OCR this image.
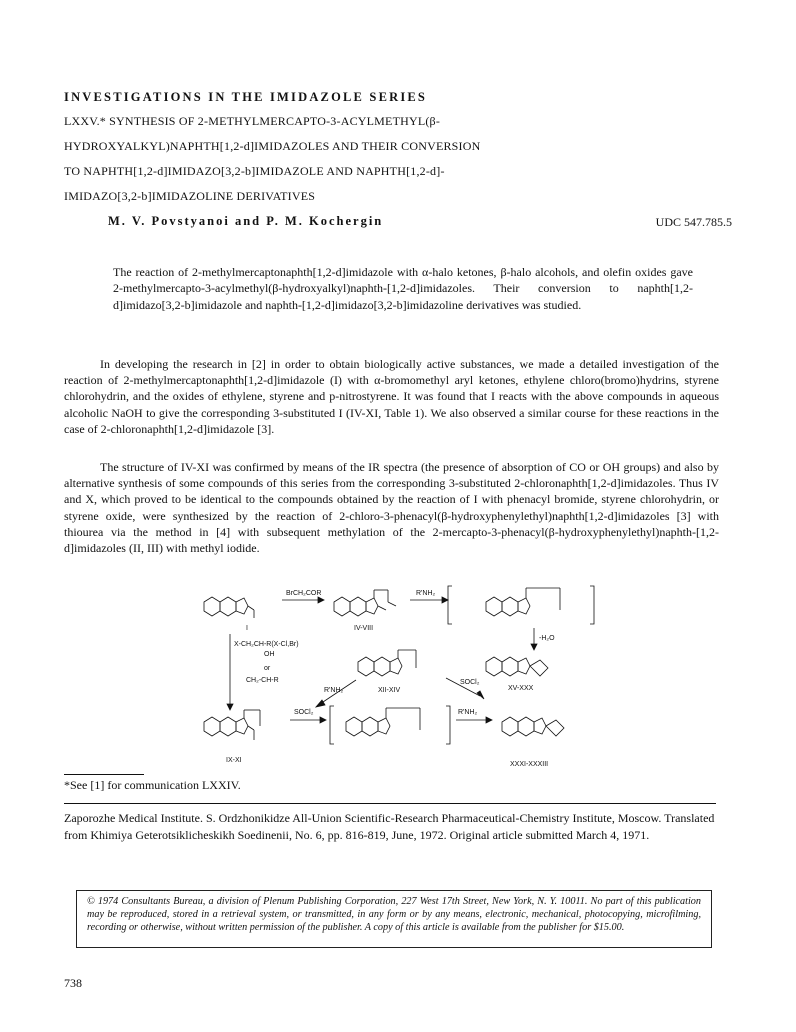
INVESTIGATIONS IN THE IMIDAZOLE SERIES
LXXV.* SYNTHESIS OF 2-METHYLMERCAPTO-3-ACYLMETHYL(β-
HYDROXYALKYL)NAPHTH[1,2-d]IMIDAZOLES AND THEIR CONVERSION
TO NAPHTH[1,2-d]IMIDAZO[3,2-b]IMIDAZOLE AND NAPHTH[1,2-d]-
IMIDAZO[3,2-b]IMIDAZOLINE DERIVATIVES
M. V. Povstyanoi and P. M. Kochergin	UDC 547.785.5
The reaction of 2-methylmercaptonaphth[1,2-d]imidazole with α-halo ketones, β-halo alcohols, and olefin oxides gave 2-methylmercapto-3-acylmethyl(β-hydroxyalkyl)naphth-[1,2-d]imidazoles. Their conversion to naphth[1,2-d]imidazo[3,2-b]imidazole and naphth-[1,2-d]imidazo[3,2-b]imidazoline derivatives was studied.

In developing the research in [2] in order to obtain biologically active substances, we made a detailed investigation of the reaction of 2-methylmercaptonaphth[1,2-d]imidazole (I) with α-bromomethyl aryl ketones, ethylene chloro(bromo)hydrins, styrene chlorohydrin, and the oxides of ethylene, styrene and p-nitrostyrene. It was found that I reacts with the above compounds in aqueous alcoholic NaOH to give the corresponding 3-substituted I (IV-XI, Table 1). We also observed a similar course for these reactions in the case of 2-chloronaphth[1,2-d]imidazole [3].

The structure of IV-XI was confirmed by means of the IR spectra (the presence of absorption of CO or OH groups) and also by alternative synthesis of some compounds of this series from the corresponding 3-substituted 2-chloronaphth[1,2-d]imidazoles. Thus IV and X, which proved to be identical to the compounds obtained by the reaction of I with phenacyl bromide, styrene chlorohydrin, or styrene oxide, were synthesized by the reaction of 2-chloro-3-phenacyl(β-hydroxyphenylethyl)naphth[1,2-d]imidazoles [3] with thiourea via the method in [4] with subsequent methylation of the 2-mercapto-3-phenacyl(β-hydroxyphenylethyl)naphth-[1,2-d]imidazoles (II, III) with methyl iodide.

BrCH₂COR	R'NH₂
-H₂O
X-CH₂CH-R(X-Cl,Br)
OH
or
CH₂-CH-R
R'NH₂
SOCl₂
SOCl₂	R'NH₂
I	IV-VIII
XII-XIV	XV-XXX
IX-XI
XXXI-XXXIII
*See [1] for communication LXXIV.
Zaporozhe Medical Institute. S. Ordzhonikidze All-Union Scientific-Research Pharmaceutical-Chemistry Institute, Moscow. Translated from Khimiya Geterotsiklicheskikh Soedinenii, No. 6, pp. 816-819, June, 1972. Original article submitted March 4, 1971.
© 1974 Consultants Bureau, a division of Plenum Publishing Corporation, 227 West 17th Street, New York, N. Y. 10011. No part of this publication may be reproduced, stored in a retrieval system, or transmitted, in any form or by any means, electronic, mechanical, photocopying, microfilming, recording or otherwise, without written permission of the publisher. A copy of this article is available from the publisher for $15.00.
738
